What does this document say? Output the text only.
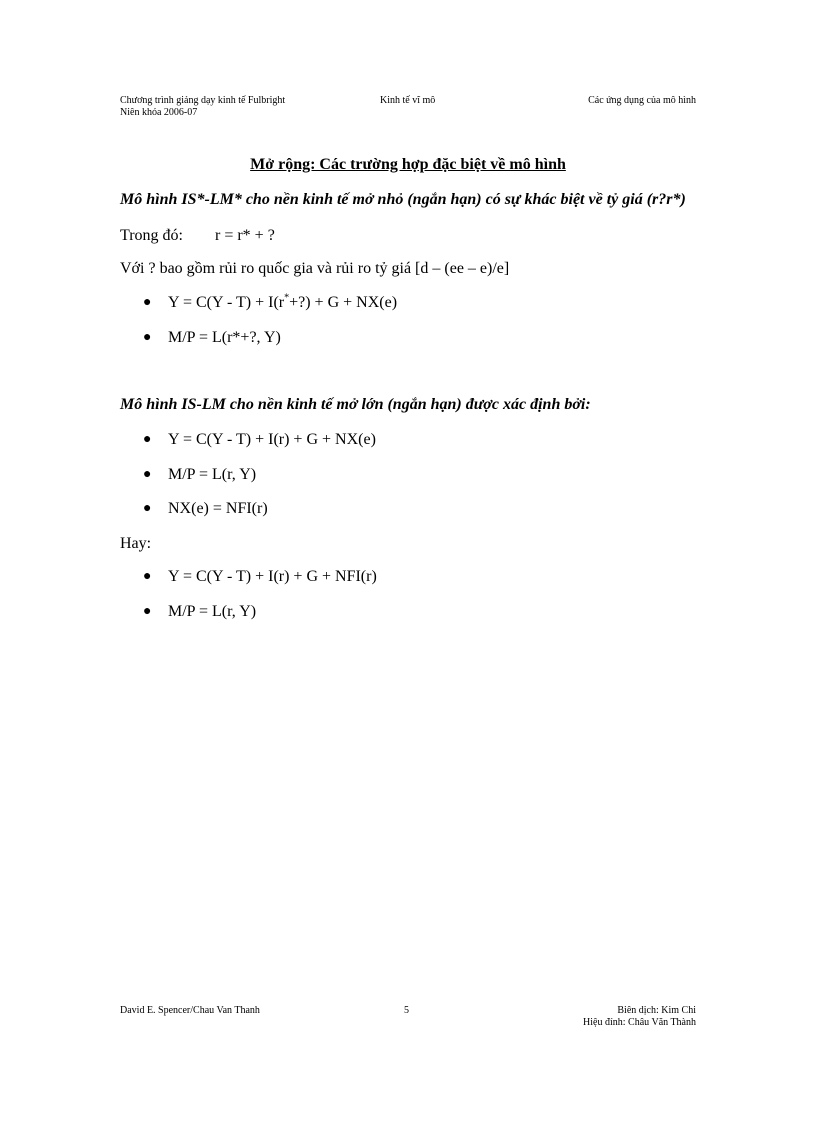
Chương trình giảng dạy kinh tế Fulbright
Niên khóa 2006-07
Kinh tế vĩ mô	Các ứng dụng của mô hình
Mở rộng: Các trường hợp đặc biệt về mô hình
Mô hình IS*-LM* cho nền kinh tế mở nhỏ (ngắn hạn) có sự khác biệt về tỷ giá (r?r*)
Trong đó: r = r* + ?
Với ? bao gồm rủi ro quốc gia và rủi ro tỷ giá [d – (ee – e)/e]
● Y = C(Y - T) + I(r*+?) + G + NX(e)
● M/P = L(r*+?, Y)
Mô hình IS-LM cho nền kinh tế mở lớn (ngắn hạn) được xác định bởi:
● Y = C(Y - T) + I(r) + G + NX(e)
● M/P = L(r, Y)
● NX(e) = NFI(r)
Hay:
● Y = C(Y - T) + I(r) + G + NFI(r)
● M/P = L(r, Y)
David E. Spencer/Chau Van Thanh	5	Biên dịch: Kim Chi
Hiệu đính: Châu Văn Thành
